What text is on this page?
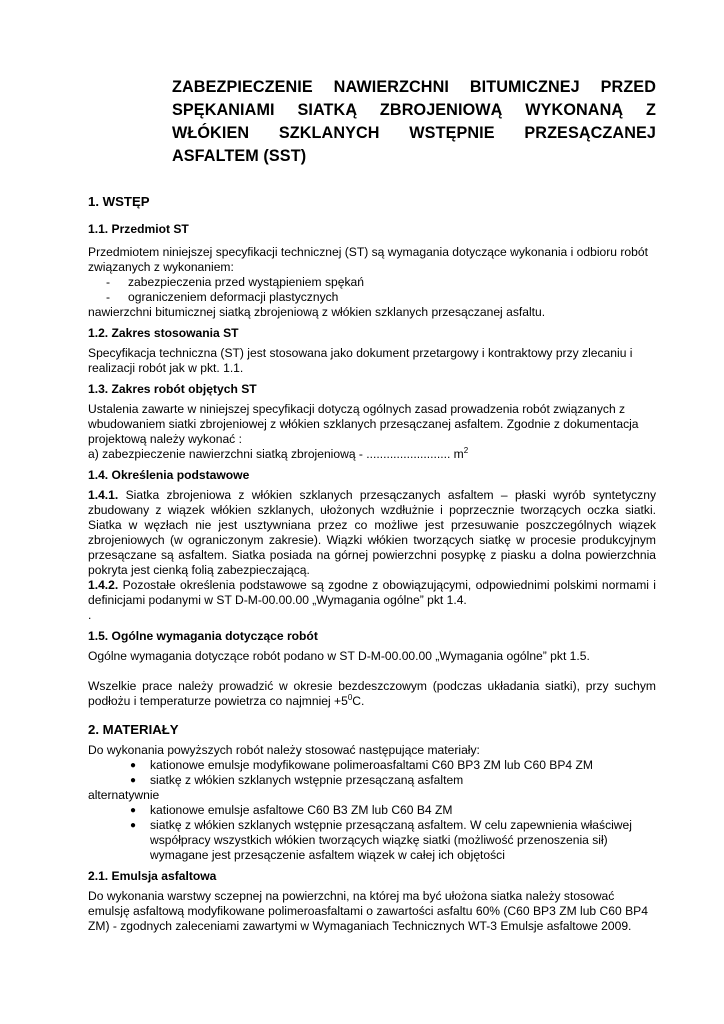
ZABEZPIECZENIE NAWIERZCHNI BITUMICZNEJ PRZED
SPĘKANIAMI SIATKĄ ZBROJENIOWĄ WYKONANĄ Z
WŁÓKIEN SZKLANYCH WSTĘPNIE PRZESĄCZANEJ
ASFALTEM (SST)
1. WSTĘP
1.1. Przedmiot ST

Przedmiotem niniejszej specyfikacji technicznej (ST) są wymagania dotyczące wykonania i odbioru robót
związanych z wykonaniem:

- zabezpieczenia przed wystąpieniem spękań
- ograniczeniem deformacji plastycznych

nawierzchni bitumicznej siatką zbrojeniową z włókien szklanych przesączanej asfaltu.

1.2. Zakres stosowania ST

Specyfikacja techniczna (ST) jest stosowana jako dokument przetargowy i kontraktowy przy zlecaniu i
realizacji robót jak w pkt. 1.1.

1.3. Zakres robót objętych ST

Ustalenia zawarte w niniejszej specyfikacji dotyczą ogólnych zasad prowadzenia robót związanych z
wbudowaniem siatki zbrojeniowej z włókien szklanych przesączanej asfaltem. Zgodnie z dokumentacja
projektową należy wykonać :
a) zabezpieczenie nawierzchni siatką zbrojeniową - ......................... $m^2$

1.4. Określenia podstawowe

1.4.1. Siatka zbrojeniowa z włókien szklanych przesączanych asfaltem – płaski wyrób syntetyczny zbudowany z wiązek włókien szklanych, ułożonych wzdłużnie i poprzecznie tworzących oczka siatki. Siatka w węzłach nie jest usztywniana przez co możliwe jest przesuwanie poszczególnych wiązek zbrojeniowych (w ograniczonym zakresie). Wiązki włókien tworzących siatkę w procesie produkcyjnym przesączane są asfaltem. Siatka posiada na górnej powierzchni posypkę z piasku a dolna powierzchnia pokryta jest cienką folią zabezpieczającą.

1.4.2. Pozostałe określenia podstawowe są zgodne z obowiązującymi, odpowiednimi polskimi normami i definicjami podanymi w ST D-M-00.00.00 „Wymagania ogólne” pkt 1.4.

.

1.5. Ogólne wymagania dotyczące robót

Ogólne wymagania dotyczące robót podano w ST D-M-00.00.00 „Wymagania ogólne” pkt 1.5.

Wszelkie prace należy prowadzić w okresie bezdeszczowym (podczas układania siatki), przy suchym podłożu i temperaturze powietrza co najmniej $+5^0C$.

2. MATERIAŁY

Do wykonania powyższych robót należy stosować następujące materiały:

● kationowe emulsje modyfikowane polimeroasfaltami C60 BP3 ZM lub C60 BP4 ZM
● siatkę z włókien szklanych wstępnie przesączaną asfaltem

alternatywnie

● kationowe emulsje asfaltowe C60 B3 ZM lub C60 B4 ZM
● siatkę z włókien szklanych wstępnie przesączaną asfaltem. W celu zapewnienia właściwej współpracy wszystkich włókien tworzących wiązkę siatki (możliwość przenoszenia sił) wymagane jest przesączenie asfaltem wiązek w całej ich objętości
2.1. Emulsja asfaltowa

Do wykonania warstwy sczepnej na powierzchni, na której ma być ułożona siatka należy stosować emulsję asfaltową modyfikowane polimeroasfaltami o zawartości asfaltu 60% (C60 BP3 ZM lub C60 BP4 ZM) - zgodnych zaleceniami zawartymi w Wymaganiach Technicznych WT-3 Emulsje asfaltowe 2009.
